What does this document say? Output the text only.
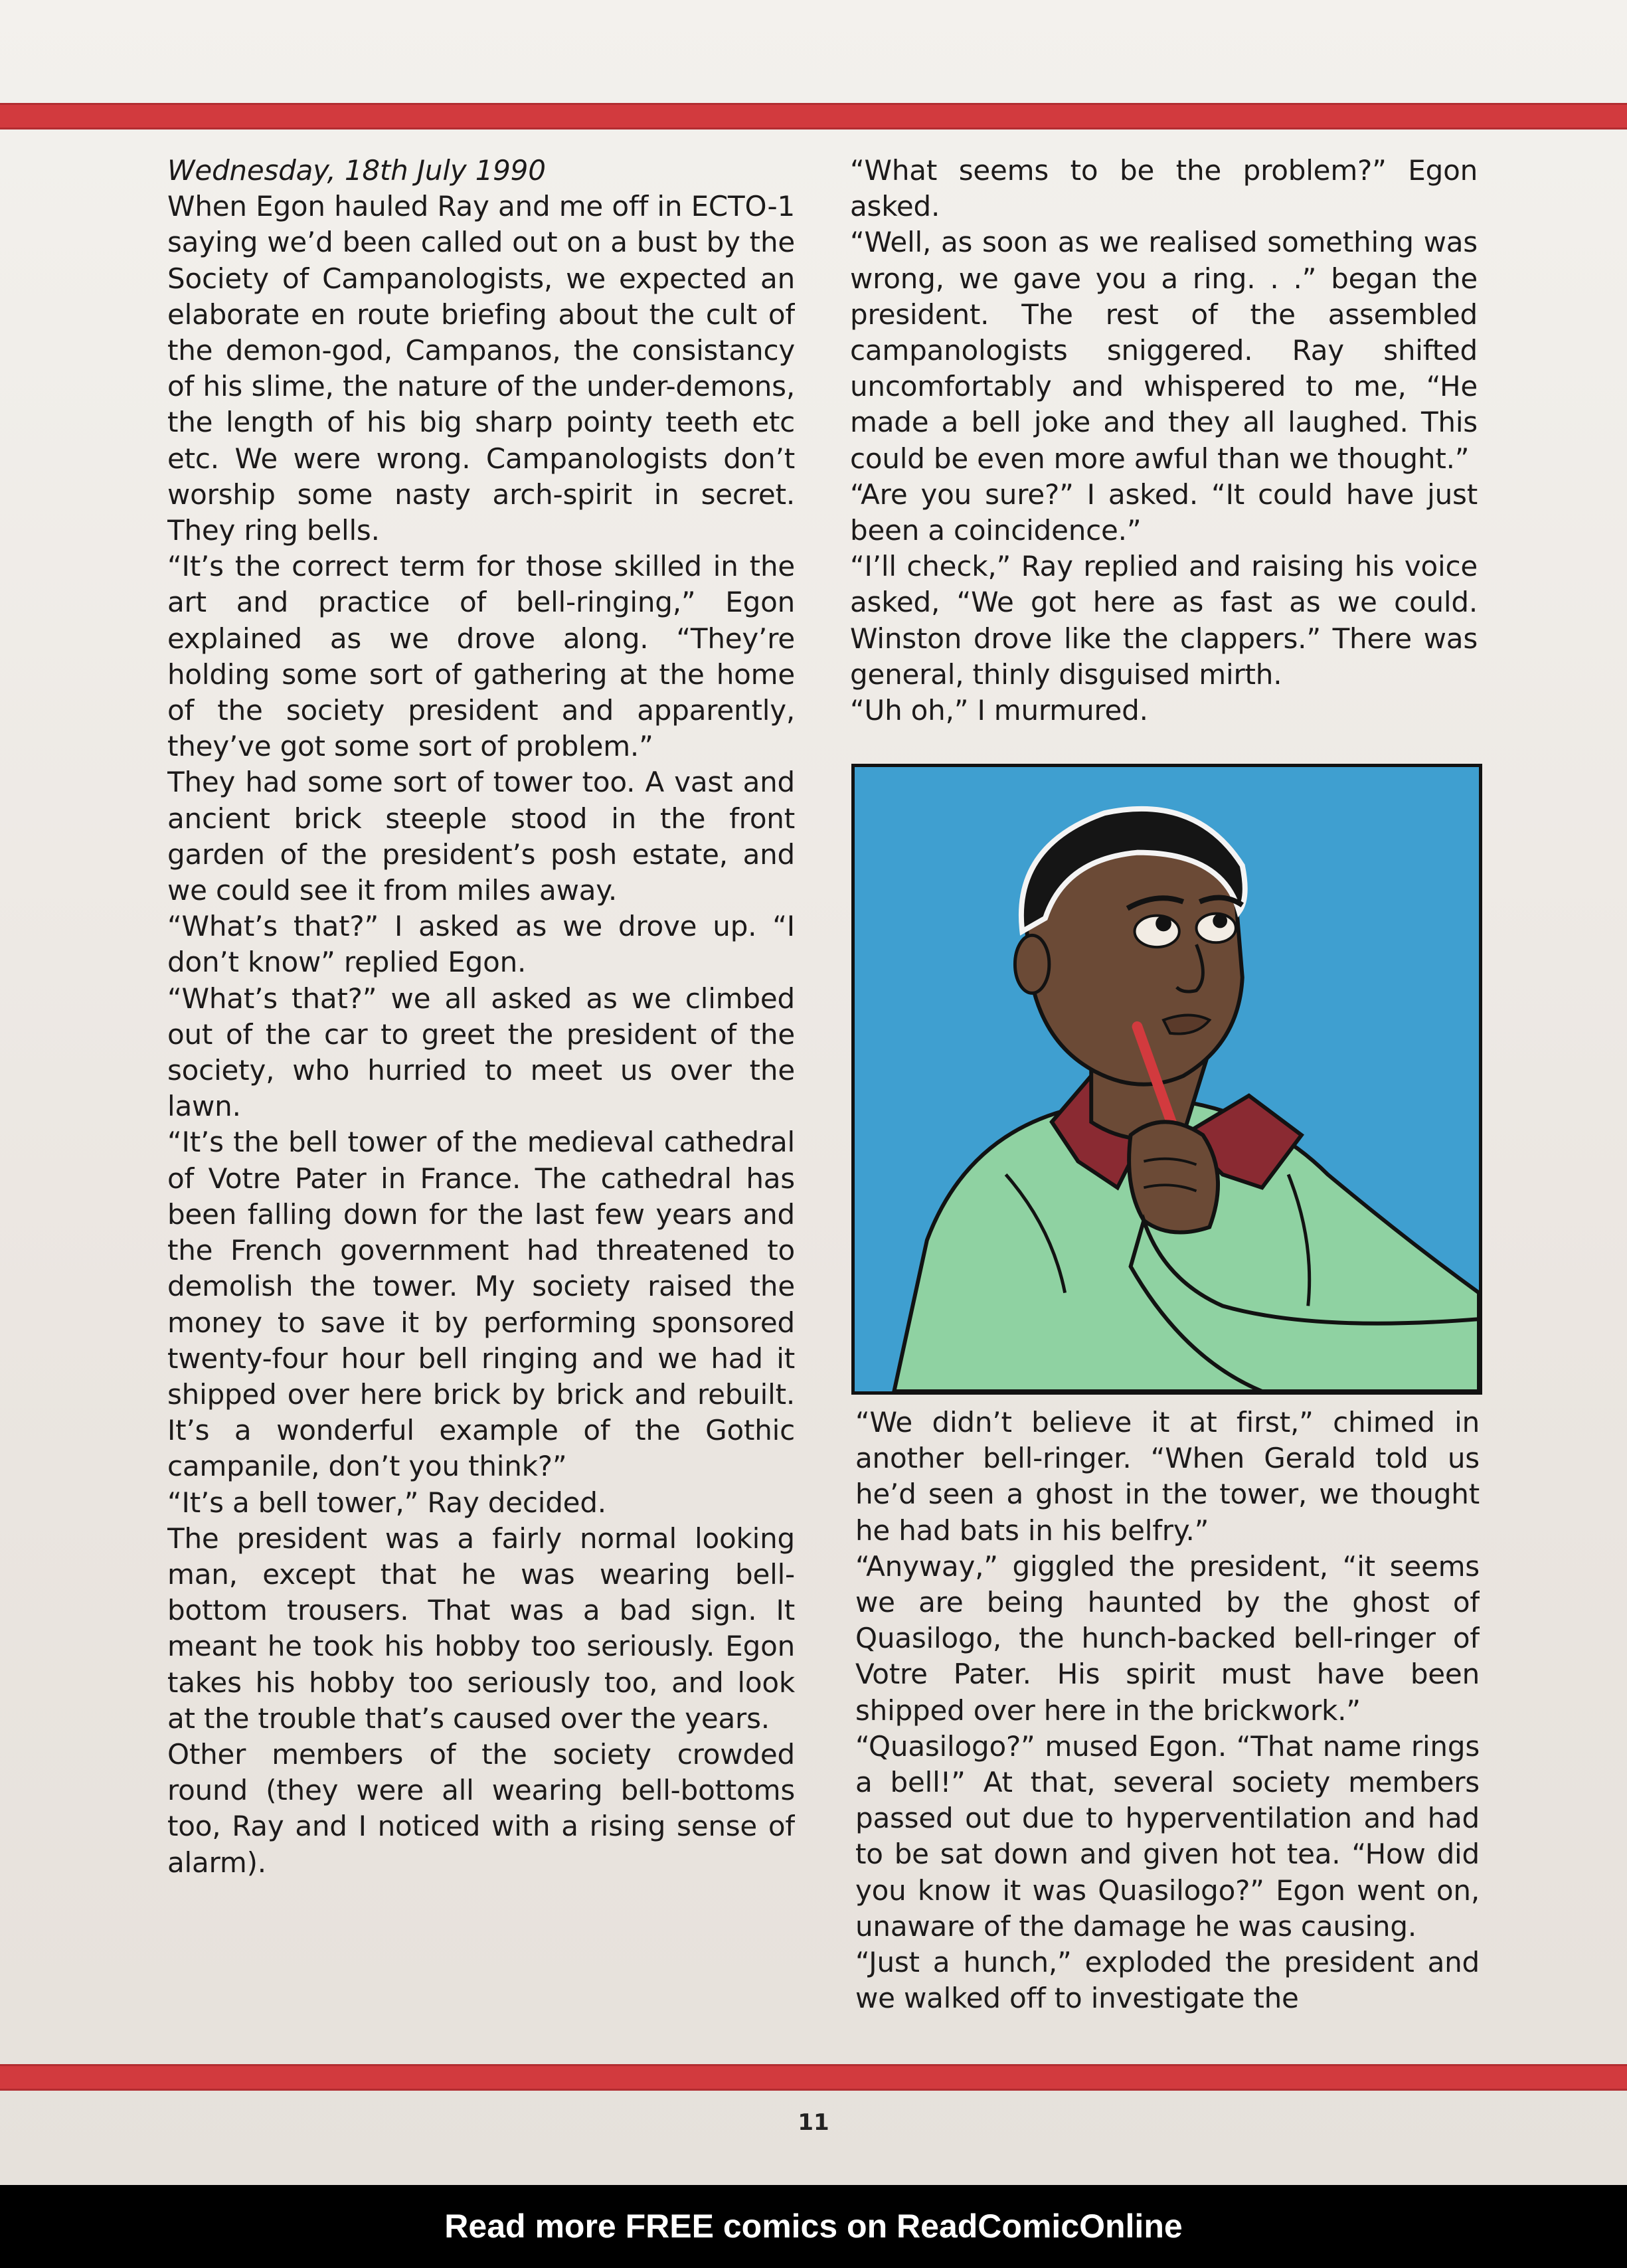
Wednesday, 18th July 1990

When Egon hauled Ray and me off in ECTO-1 saying we’d been called out on a bust by the Society of Campanologists, we expected an elaborate en route briefing about the cult of the demon-god, Campanos, the consistancy of his slime, the nature of the under-demons, the length of his big sharp pointy teeth etc etc. We were wrong. Campanologists don’t worship some nasty arch-spirit in secret. They ring bells.

“It’s the correct term for those skilled in the art and practice of bell-ringing,” Egon explained as we drove along. “They’re holding some sort of gathering at the home of the society president and apparently, they’ve got some sort of problem.”

They had some sort of tower too. A vast and ancient brick steeple stood in the front garden of the president’s posh estate, and we could see it from miles away.

“What’s that?” I asked as we drove up. “I don’t know” replied Egon.

“What’s that?” we all asked as we climbed out of the car to greet the president of the society, who hurried to meet us over the lawn.

“It’s the bell tower of the medieval cathedral of Votre Pater in France. The cathedral has been falling down for the last few years and the French government had threatened to demolish the tower. My society raised the money to save it by performing sponsored twenty-four hour bell ringing and we had it shipped over here brick by brick and rebuilt. It’s a wonderful example of the Gothic campanile, don’t you think?”

“It’s a bell tower,” Ray decided.

The president was a fairly normal looking man, except that he was wearing bell-bottom trousers. That was a bad sign. It meant he took his hobby too seriously. Egon takes his hobby too seriously too, and look at the trouble that’s caused over the years.

Other members of the society crowded round (they were all wearing bell-bottoms too, Ray and I noticed with a rising sense of alarm).

“What seems to be the problem?” Egon asked.

“Well, as soon as we realised something was wrong, we gave you a ring. . .” began the president. The rest of the assembled campanologists sniggered. Ray shifted uncomfortably and whispered to me, “He made a bell joke and they all laughed. This could be even more awful than we thought.”

“Are you sure?” I asked. “It could have just been a coincidence.”

“I’ll check,” Ray replied and raising his voice asked, “We got here as fast as we could. Winston drove like the clappers.” There was general, thinly disguised mirth.

“Uh oh,” I murmured.

“We didn’t believe it at first,” chimed in another bell-ringer. “When Gerald told us he’d seen a ghost in the tower, we thought he had bats in his belfry.”

“Anyway,” giggled the president, “it seems we are being haunted by the ghost of Quasilogo, the hunch-backed bell-ringer of Votre Pater. His spirit must have been shipped over here in the brickwork.”

“Quasilogo?” mused Egon. “That name rings a bell!” At that, several society members passed out due to hyperventilation and had to be sat down and given hot tea. “How did you know it was Quasilogo?” Egon went on, unaware of the damage he was causing.

“Just a hunch,” exploded the president and we walked off to investigate the

11
Read more FREE comics on ReadComicOnline
